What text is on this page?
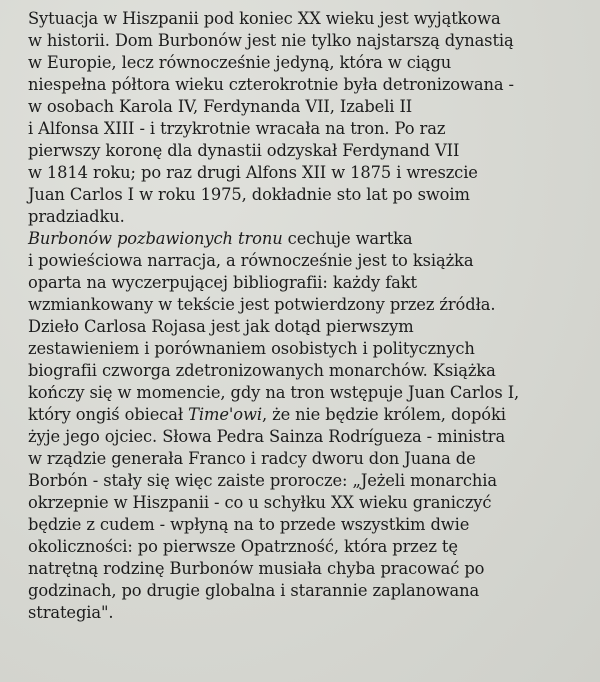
Sytuacja w Hiszpanii pod koniec XX wieku jest wyjątkowa
w historii. Dom Burbonów jest nie tylko najstarszą dynastią
w Europie, lecz równocześnie jedyną, która w ciągu
niespełna półtora wieku czterokrotnie była detronizowana -
w osobach Karola IV, Ferdynanda VII, Izabeli II
i Alfonsa XIII - i trzykrotnie wracała na tron. Po raz
pierwszy koronę dla dynastii odzyskał Ferdynand VII
w 1814 roku; po raz drugi Alfons XII w 1875 i wreszcie
Juan Carlos I w roku 1975, dokładnie sto lat po swoim
pradziadku.
Burbonów pozbawionych tronu cechuje wartka
i powieściowa narracja, a równocześnie jest to książka
oparta na wyczerpującej bibliografii: każdy fakt
wzmiankowany w tekście jest potwierdzony przez źródła.
Dzieło Carlosa Rojasa jest jak dotąd pierwszym
zestawieniem i porównaniem osobistych i politycznych
biografii czworga zdetronizowanych monarchów. Książka
kończy się w momencie, gdy na tron wstępuje Juan Carlos I,
który ongiś obiecał Time'owi, że nie będzie królem, dopóki
żyje jego ojciec. Słowa Pedra Sainza Rodrígueza - ministra
w rządzie generała Franco i radcy dworu don Juana de
Borbón - stały się więc zaiste prorocze: „Jeżeli monarchia
okrzepnie w Hiszpanii - co u schyłku XX wieku graniczyć
będzie z cudem - wpłyną na to przede wszystkim dwie
okoliczności: po pierwsze Opatrzność, która przez tę
natrętną rodzinę Burbonów musiała chyba pracować po
godzinach, po drugie globalna i starannie zaplanowana
strategia".
